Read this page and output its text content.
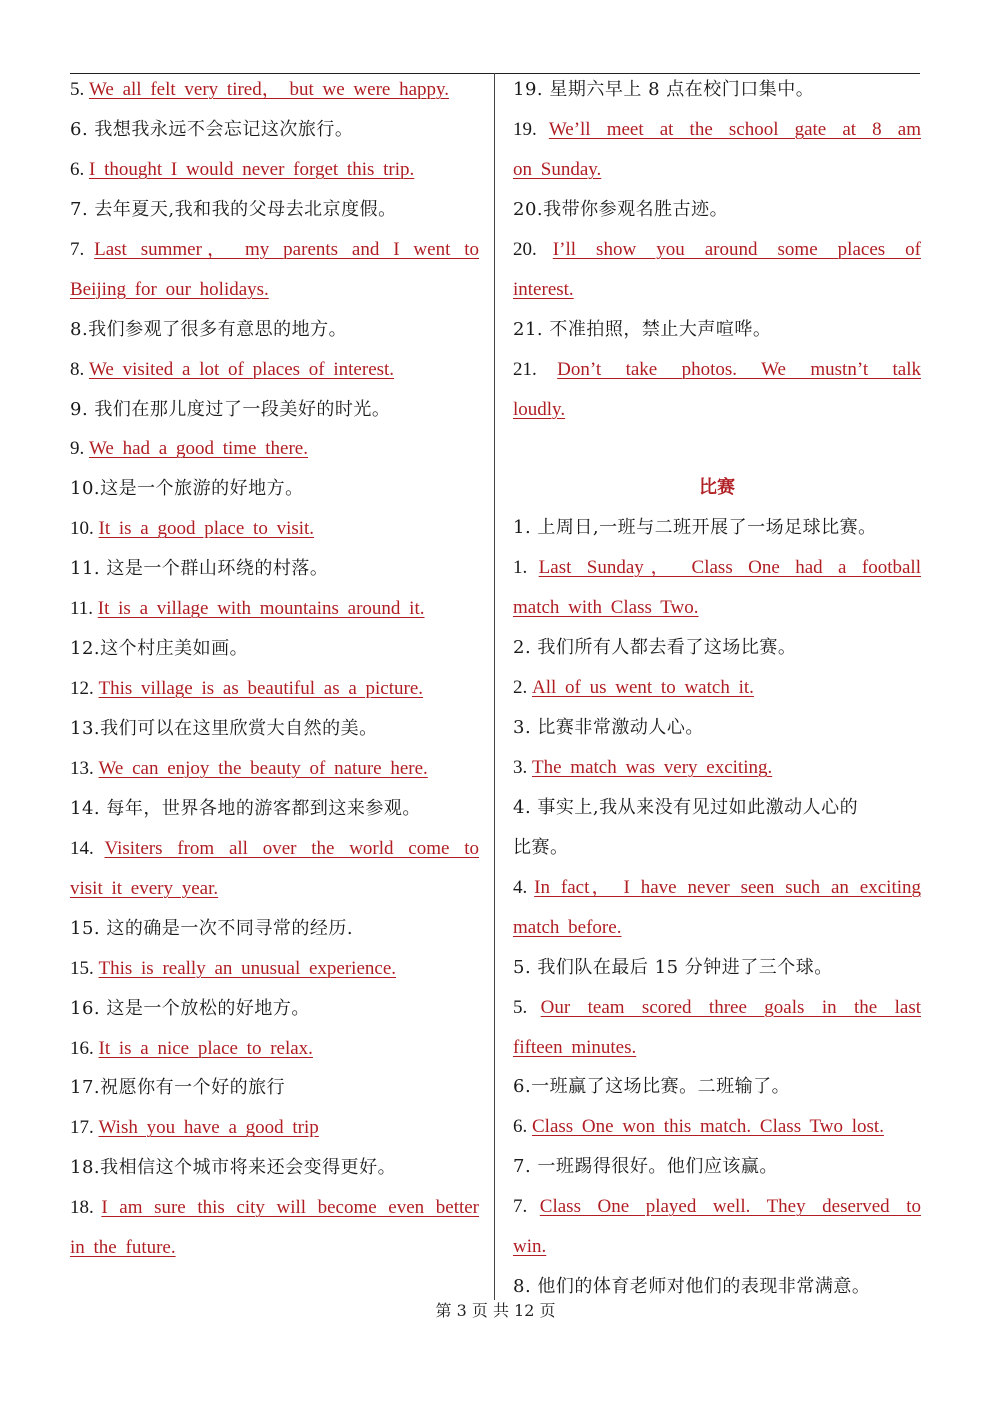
5. We all felt very tired， but we were happy.
6. 我想我永远不会忘记这次旅行。
6. I thought I would never forget this trip.
7. 去年夏天,我和我的父母去北京度假。
7. Last summer， my parents and I went to
Beijing for our holidays.
8.我们参观了很多有意思的地方。
8. We visited a lot of places of interest.
9. 我们在那儿度过了一段美好的时光。
9. We had a good time there.
10.这是一个旅游的好地方。
10. It is a good place to visit.
11. 这是一个群山环绕的村落。
11. It is a village with mountains around it.
12.这个村庄美如画。
12. This village is as beautiful as a picture.
13.我们可以在这里欣赏大自然的美。
13. We can enjoy the beauty of nature here.
14. 每年，世界各地的游客都到这来参观。
14. Visiters from all over the world come to
visit it every year.
15. 这的确是一次不同寻常的经历.
15. This is really an unusual experience.
16. 这是一个放松的好地方。
16. It is a nice place to relax.
17.祝愿你有一个好的旅行
17. Wish you have a good trip
18.我相信这个城市将来还会变得更好。
18. I am sure this city will become even better
in the future.
19. 星期六早上 8 点在校门口集中。
19. We’ll meet at the school gate at 8 am
on Sunday.
20.我带你参观名胜古迹。
20. I’ll show you around some places of
interest.
21. 不准拍照，禁止大声喧哗。
21. Don’t take photos. We mustn’t talk
loudly.
比赛
1. 上周日,一班与二班开展了一场足球比赛。
1. Last Sunday， Class One had a football
match with Class Two.
2. 我们所有人都去看了这场比赛。
2. All of us went to watch it.
3. 比赛非常激动人心。
3. The match was very exciting.
4. 事实上,我从来没有见过如此激动人心的
比赛。
4. In fact， I have never seen such an exciting
match before.
5. 我们队在最后 15 分钟进了三个球。
5. Our team scored three goals in the last
fifteen minutes.
6.一班赢了这场比赛。二班输了。
6. Class One won this match. Class Two lost.
7. 一班踢得很好。他们应该赢。
7. Class One played well. They deserved to
win.
8. 他们的体育老师对他们的表现非常满意。
第 3 页 共 12 页
